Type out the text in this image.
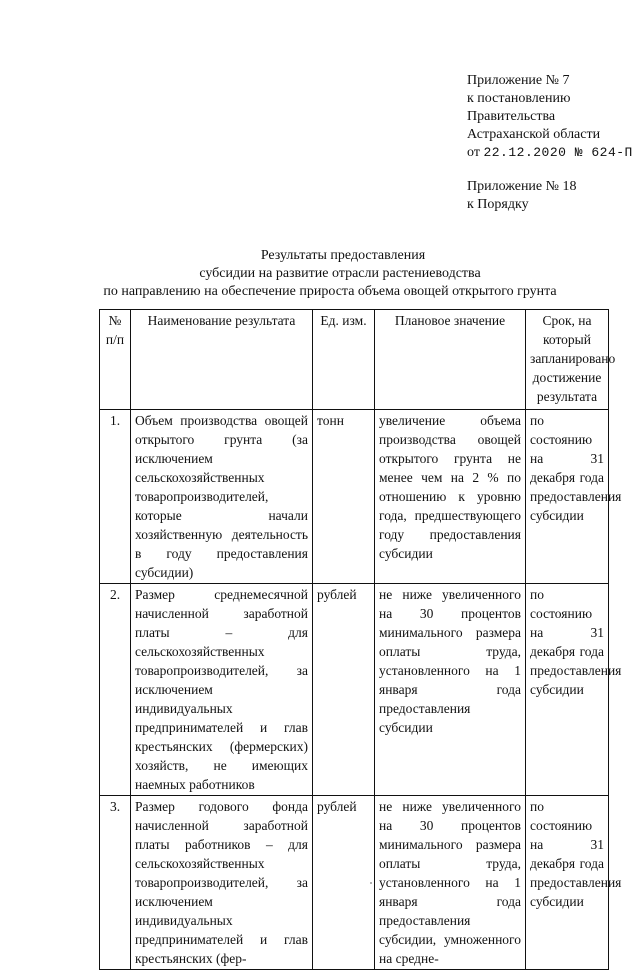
Приложение № 7
к постановлению
Правительства
Астраханской области
от 22.12.2020 № 624-П
Приложение № 18
к Порядку
Результаты предоставления
субсидии на развитие отрасли растениеводства
по направлению на обеспечение прироста объема овощей открытого грунта
№ п/п	Наименование результата	Ед. изм.	Плановое значение	Срок, на который запланировано достижение результата
1.	Объем производства овощей открытого грунта (за исключением сельскохозяйственных товаропроизводителей, которые начали хозяйственную деятельность в году предоставления субсидии)	тонн	увеличение объема производства овощей открытого грунта не менее чем на 2 % по отношению к уровню года, предшествующего году предоставления субсидии	по состоянию на 31 декабря года предоставления субсидии
2.	Размер среднемесячной начисленной заработной платы – для сельскохозяйственных товаропроизводителей, за исключением индивидуальных предпринимателей и глав крестьянских (фермерских) хозяйств, не имеющих наемных работников	рублей	не ниже увеличенного на 30 процентов минимального размера оплаты труда, установленного на 1 января года предоставления субсидии	по состоянию на 31 декабря года предоставления субсидии
3.	Размер годового фонда начисленной заработной платы работников – для сельскохозяйственных товаропроизводителей, за исключением индивидуальных предпринимателей и глав крестьянских (фер-	рублей	не ниже увеличенного на 30 процентов минимального размера оплаты труда, установленного на 1 января года предоставления субсидии, умноженного на средне-	по состоянию на 31 декабря года предоставления субсидии
